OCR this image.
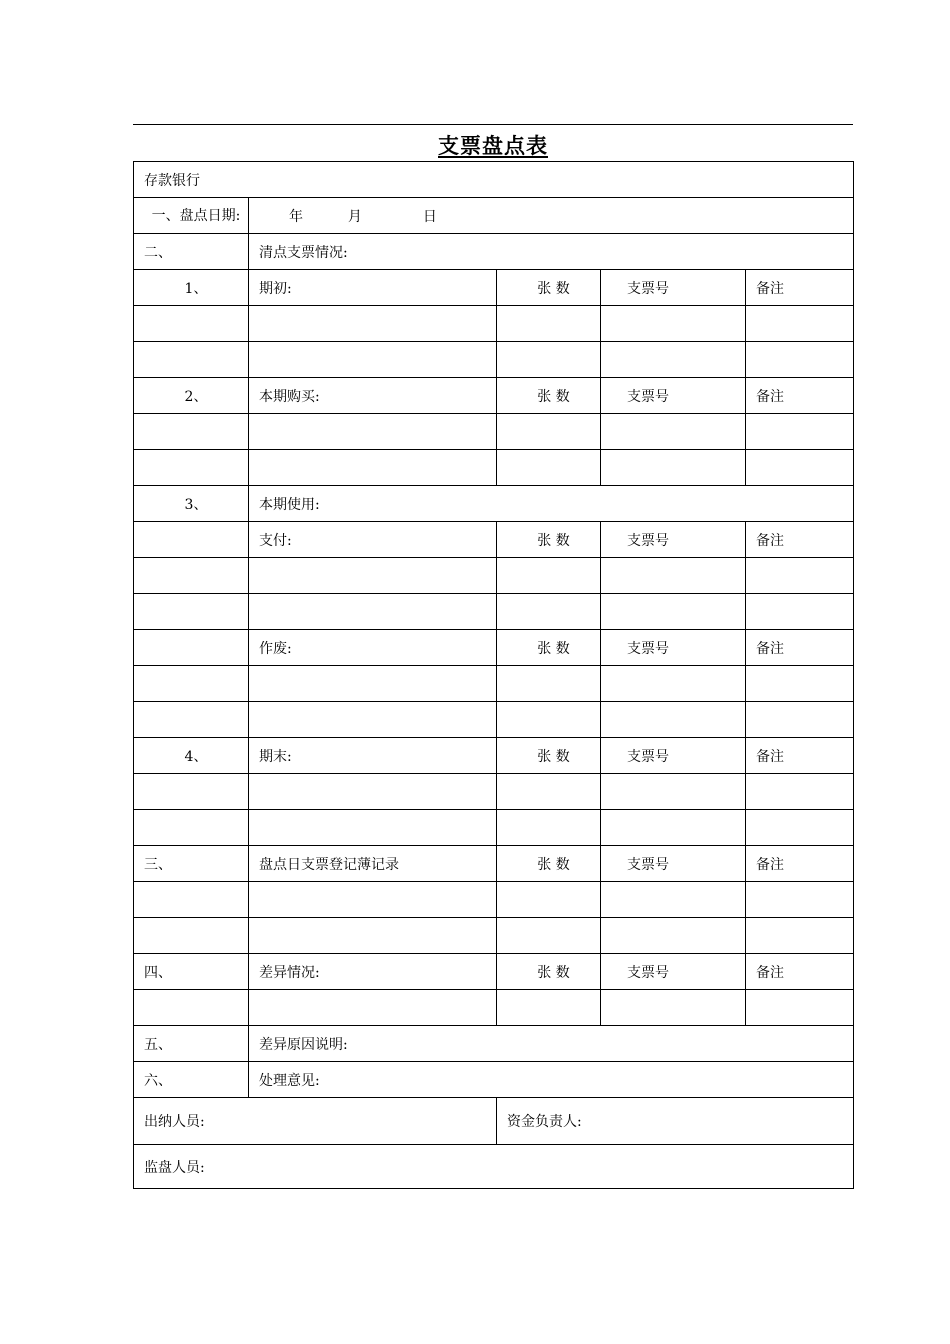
支票盘点表
存款银行				
一、盘点日期:	年 月 日			
二、	清点支票情况:			
1、	期初:	张 数	支票号	备注

2、	本期购买:	张 数	支票号	备注

3、	本期使用:			
	支付:	张 数	支票号	备注

	作废:	张 数	支票号	备注

4、	期末:	张 数	支票号	备注

三、	盘点日支票登记薄记录	张 数	支票号	备注

四、	差异情况:	张 数	支票号	备注

五、	差异原因说明:			
六、	处理意见:			
出纳人员:		资金负责人:		
监盘人员:				
